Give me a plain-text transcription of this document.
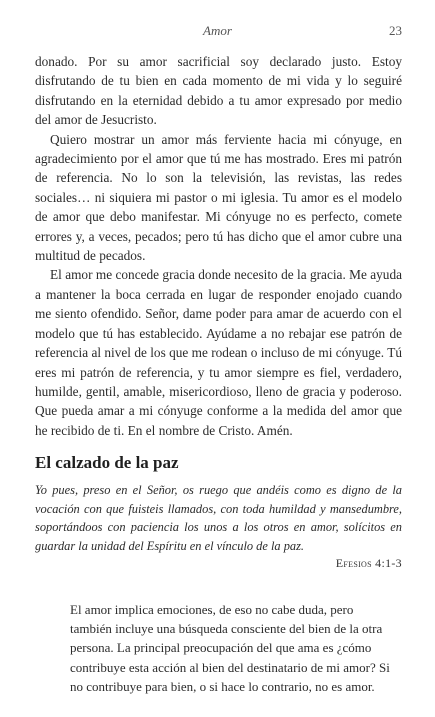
Amor	23

donado. Por su amor sacrificial soy declarado justo. Estoy disfrutando de tu bien en cada momento de mi vida y lo seguiré disfrutando en la eternidad debido a tu amor expresado por medio del amor de Jesucristo.

Quiero mostrar un amor más ferviente hacia mi cónyuge, en agradecimiento por el amor que tú me has mostrado. Eres mi patrón de referencia. No lo son la televisión, las revistas, las redes sociales… ni siquiera mi pastor o mi iglesia. Tu amor es el modelo de amor que debo manifestar. Mi cónyuge no es perfecto, comete errores y, a veces, pecados; pero tú has dicho que el amor cubre una multitud de pecados.

El amor me concede gracia donde necesito de la gracia. Me ayuda a mantener la boca cerrada en lugar de responder enojado cuando me siento ofendido. Señor, dame poder para amar de acuerdo con el modelo que tú has establecido. Ayúdame a no rebajar ese patrón de referencia al nivel de los que me rodean o incluso de mi cónyuge. Tú eres mi patrón de referencia, y tu amor siempre es fiel, verdadero, humilde, gentil, amable, misericordioso, lleno de gracia y poderoso. Que pueda amar a mi cónyuge conforme a la medida del amor que he recibido de ti. En el nombre de Cristo. Amén.

El calzado de la paz

Yo pues, preso en el Señor, os ruego que andéis como es digno de la vocación con que fuisteis llamados, con toda humildad y mansedumbre, soportándoos con paciencia los unos a los otros en amor, solícitos en guardar la unidad del Espíritu en el vínculo de la paz.

Efesios 4:1-3

El amor implica emociones, de eso no cabe duda, pero también incluye una búsqueda consciente del bien de la otra persona. La principal preocupación del que ama es ¿cómo contribuye esta acción al bien del destinatario de mi amor? Si no contribuye para bien, o si hace lo contrario, no es amor.
